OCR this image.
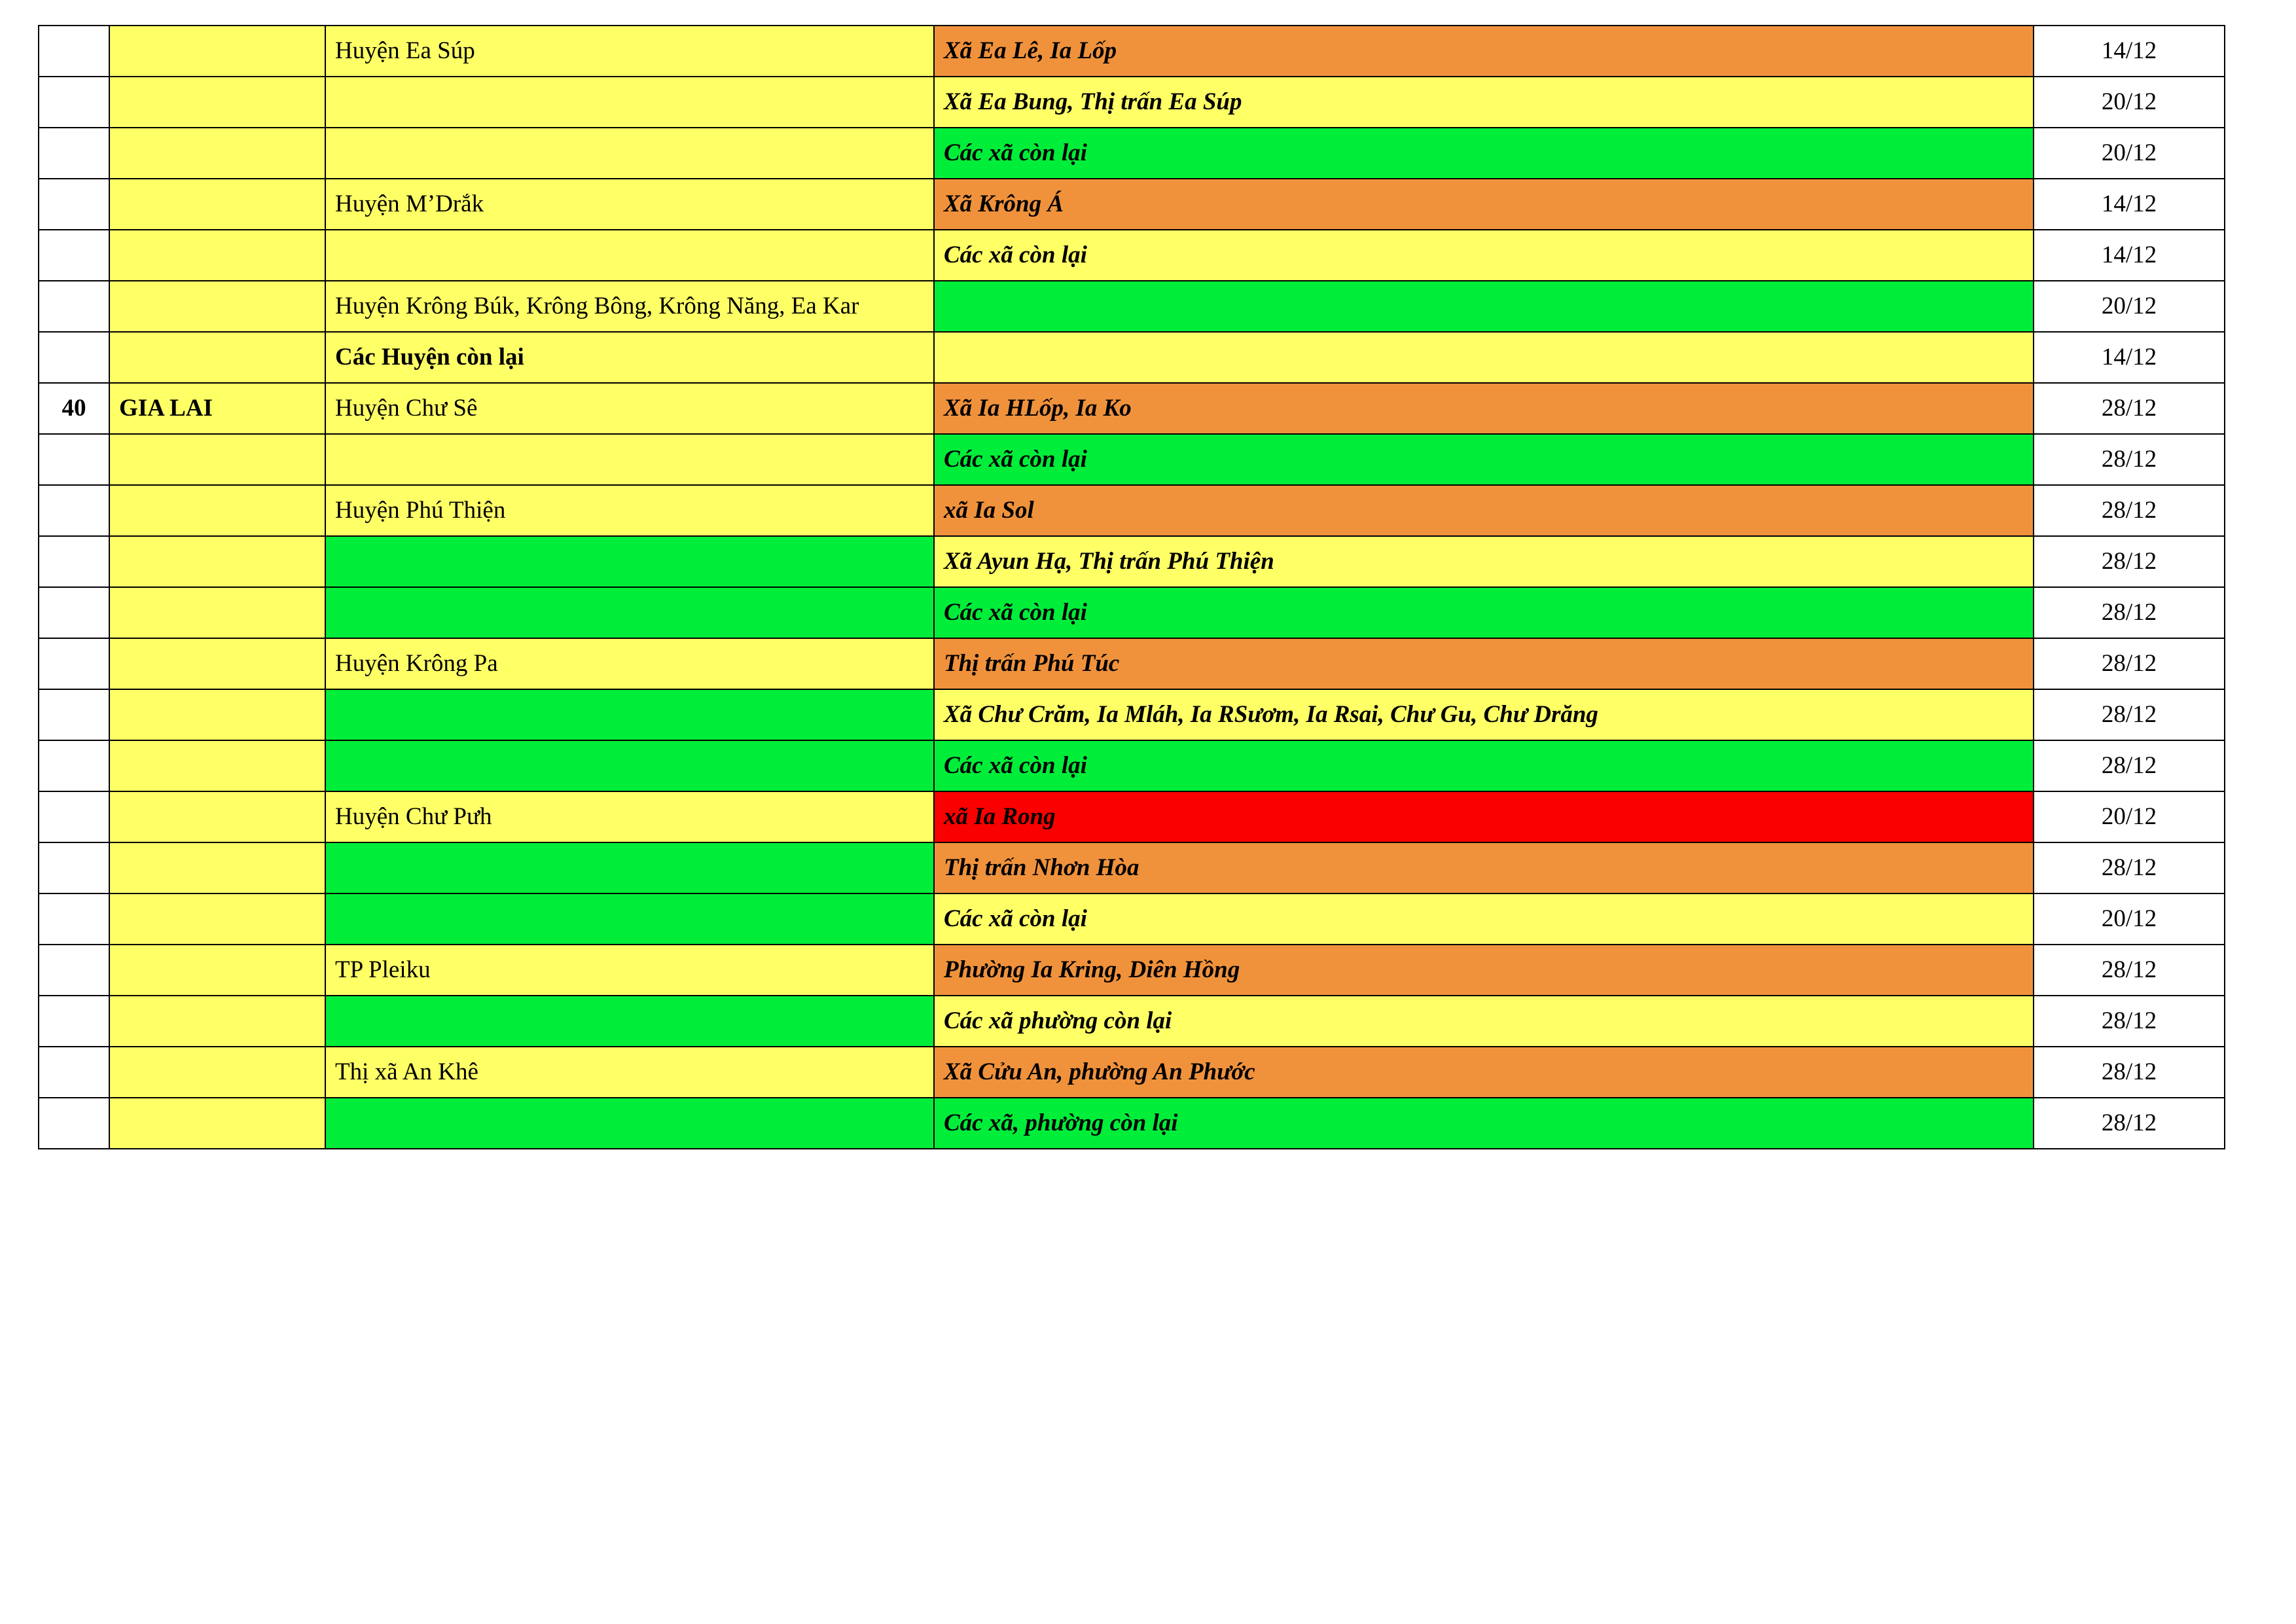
		Huyện Ea Súp	Xã Ea Lê, Ia Lốp	14/12
			Xã Ea Bung, Thị trấn Ea Súp	20/12
			Các xã còn lại	20/12
		Huyện M’Drắk	Xã Krông Á	14/12
			Các xã còn lại	14/12
		Huyện Krông Búk, Krông Bông, Krông Năng, Ea Kar		20/12
		Các Huyện còn lại		14/12
40	GIA LAI	Huyện Chư Sê	Xã Ia HLốp, Ia Ko	28/12
			Các xã còn lại	28/12
		Huyện Phú Thiện	xã Ia Sol	28/12
			Xã Ayun Hạ, Thị trấn Phú Thiện	28/12
			Các xã còn lại	28/12
		Huyện Krông Pa	Thị trấn Phú Túc	28/12
			Xã Chư Crăm, Ia Mláh, Ia RSươm, Ia Rsai, Chư Gu, Chư Drăng	28/12
			Các xã còn lại	28/12
		Huyện Chư Pưh	xã Ia Rong	20/12
			Thị trấn Nhơn Hòa	28/12
			Các xã còn lại	20/12
		TP Pleiku	Phường Ia Kring, Diên Hồng	28/12
			Các xã phường còn lại	28/12
		Thị xã An Khê	Xã Cửu An, phường An Phước	28/12
			Các xã, phường còn lại	28/12
